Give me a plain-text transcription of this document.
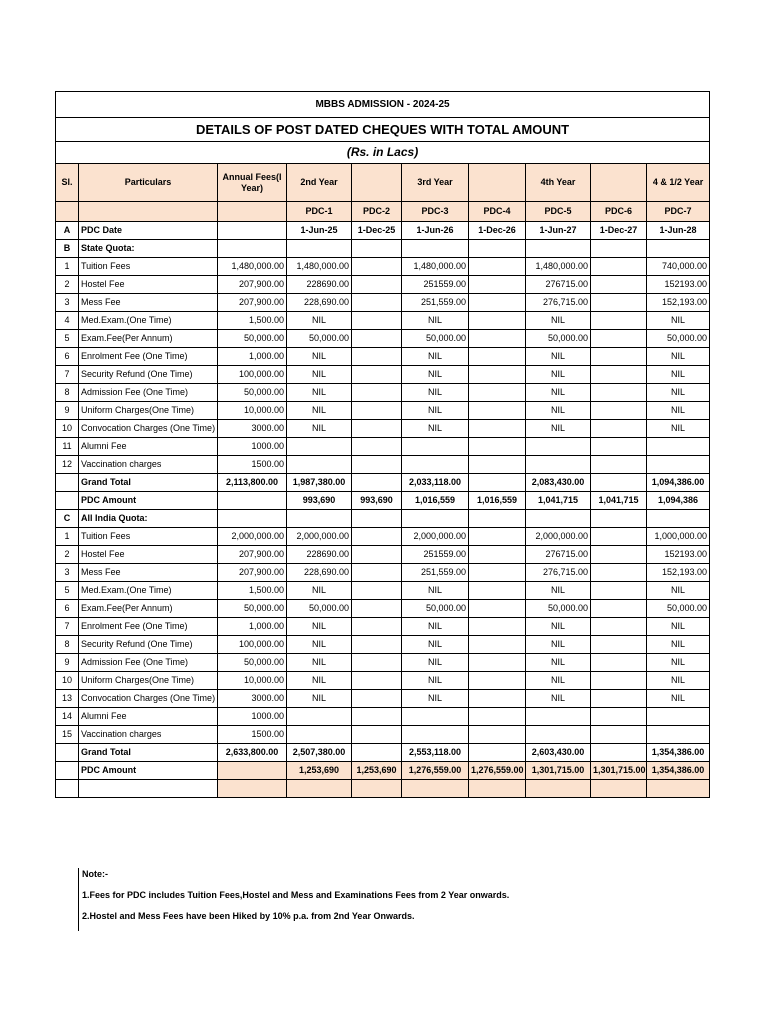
MBBS ADMISSION - 2024-25									
DETAILS OF POST DATED CHEQUES WITH TOTAL AMOUNT									
(Rs. in Lacs)									
Sl.	Particulars	Annual Fees(I Year)	2nd Year		3rd Year		4th Year		4 & 1/2 Year
			PDC-1	PDC-2	PDC-3	PDC-4	PDC-5	PDC-6	PDC-7
A	PDC Date		1-Jun-25	1-Dec-25	1-Jun-26	1-Dec-26	1-Jun-27	1-Dec-27	1-Jun-28
B	State Quota:								
1	Tuition Fees	1,480,000.00	1,480,000.00		1,480,000.00		1,480,000.00		740,000.00
2	Hostel Fee	207,900.00	228690.00		251559.00		276715.00		152193.00
3	Mess Fee	207,900.00	228,690.00		251,559.00		276,715.00		152,193.00
4	Med.Exam.(One Time)	1,500.00	NIL		NIL		NIL		NIL
5	Exam.Fee(Per Annum)	50,000.00	50,000.00		50,000.00		50,000.00		50,000.00
6	Enrolment Fee (One Time)	1,000.00	NIL		NIL		NIL		NIL
7	Security Refund (One Time)	100,000.00	NIL		NIL		NIL		NIL
8	Admission Fee (One Time)	50,000.00	NIL		NIL		NIL		NIL
9	Uniform Charges(One Time)	10,000.00	NIL		NIL		NIL		NIL
10	Convocation Charges (One Time)	3000.00	NIL		NIL		NIL		NIL
11	Alumni Fee	1000.00							
12	Vaccination charges	1500.00							
	Grand Total	2,113,800.00	1,987,380.00		2,033,118.00		2,083,430.00		1,094,386.00
	PDC Amount		993,690	993,690	1,016,559	1,016,559	1,041,715	1,041,715	1,094,386
C	All India Quota:								
1	Tuition Fees	2,000,000.00	2,000,000.00		2,000,000.00		2,000,000.00		1,000,000.00
2	Hostel Fee	207,900.00	228690.00		251559.00		276715.00		152193.00
3	Mess Fee	207,900.00	228,690.00		251,559.00		276,715.00		152,193.00
5	Med.Exam.(One Time)	1,500.00	NIL		NIL		NIL		NIL
6	Exam.Fee(Per Annum)	50,000.00	50,000.00		50,000.00		50,000.00		50,000.00
7	Enrolment Fee (One Time)	1,000.00	NIL		NIL		NIL		NIL
8	Security Refund (One Time)	100,000.00	NIL		NIL		NIL		NIL
9	Admission Fee (One Time)	50,000.00	NIL		NIL		NIL		NIL
10	Uniform Charges(One Time)	10,000.00	NIL		NIL		NIL		NIL
13	Convocation Charges (One Time)	3000.00	NIL		NIL		NIL		NIL
14	Alumni Fee	1000.00							
15	Vaccination charges	1500.00							
	Grand Total	2,633,800.00	2,507,380.00		2,553,118.00		2,603,430.00		1,354,386.00
	PDC Amount		1,253,690	1,253,690	1,276,559.00	1,276,559.00	1,301,715.00	1,301,715.00	1,354,386.00

Note:-
1.Fees for PDC includes Tuition Fees,Hostel and Mess and Examinations Fees from 2 Year onwards.
2.Hostel and Mess Fees have been Hiked by 10% p.a. from 2nd Year Onwards.
